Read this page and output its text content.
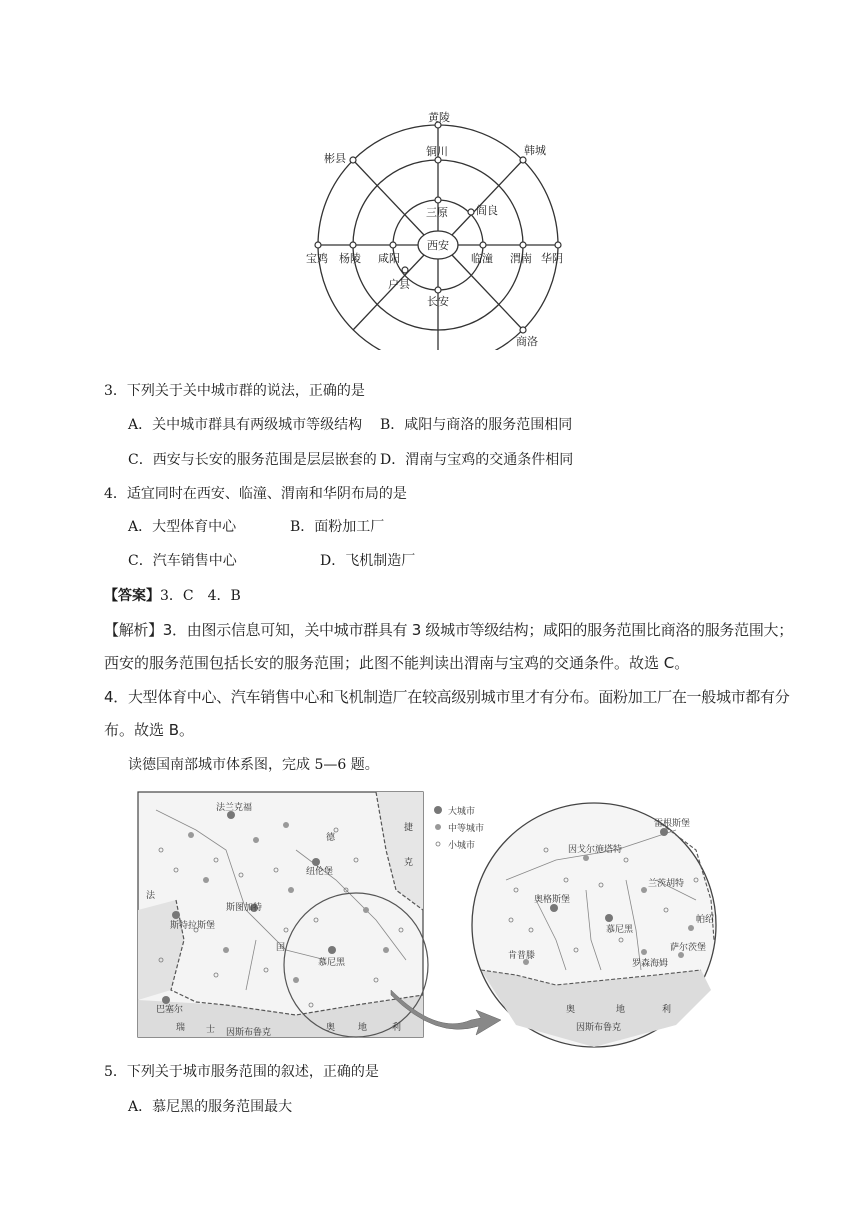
黄陵
铜川
彬县
韩城
三原	阎良
西安
宝鸡 杨陵 咸阳	临潼 渭南 华阴
户县
长安
商洛
3．下列关于关中城市群的说法，正确的是
A．关中城市群具有两级城市等级结构 B．咸阳与商洛的服务范围相同
C．西安与长安的服务范围是层层嵌套的 D．渭南与宝鸡的交通条件相同
4．适宜同时在西安、临潼、渭南和华阴布局的是
A．大型体育中心	B．面粉加工厂
C．汽车销售中心	D．飞机制造厂
【答案】3．C　4．B
【解析】3．由图示信息可知，关中城市群具有 3 级城市等级结构；咸阳的服务范围比商洛的服务范围大；
西安的服务范围包括长安的服务范围；此图不能判读出渭南与宝鸡的交通条件。故选 C。
4．大型体育中心、汽车销售中心和飞机制造厂在较高级别城市里才有分布。面粉加工厂在一般城市都有分
布。故选 B。
读德国南部城市体系图，完成 5—6 题。
法兰克福
德
捷
克
纽伦堡
斯图加特
法
斯特拉斯堡
国
慕尼黑
巴塞尔
瑞 士	奥	地	利
因斯布鲁克
大城市
中等城市
小城市
雷根斯堡
因戈尔施塔特
兰茨胡特
奥格斯堡
慕尼黑
帕绍
罗森海姆
萨尔茨堡
肯普滕
奥	地	利
因斯布鲁克
5．下列关于城市服务范围的叙述，正确的是
A．慕尼黑的服务范围最大
